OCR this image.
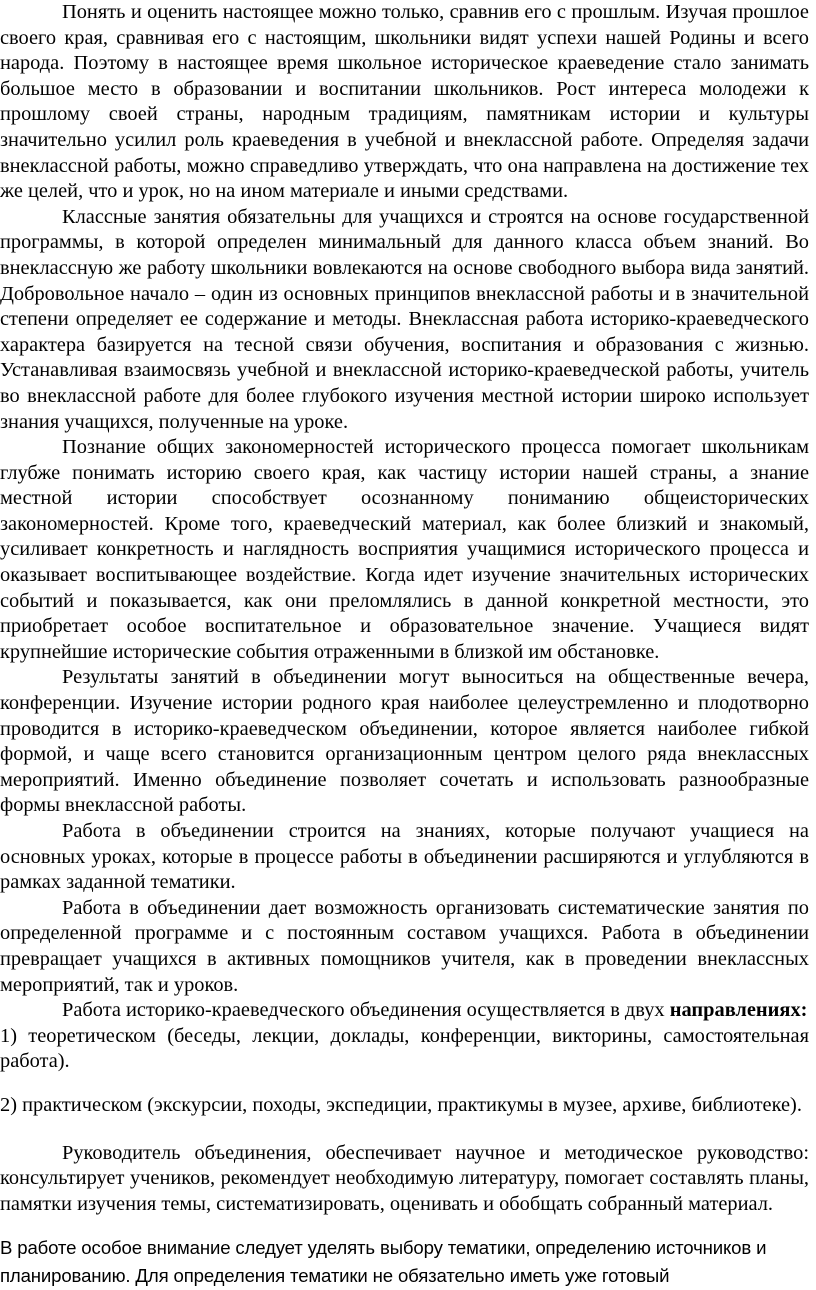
Понять и оценить настоящее можно только, сравнив его с прошлым. Изучая прошлое своего края, сравнивая его с настоящим, школьники видят успехи нашей Родины и всего народа. Поэтому в настоящее время школьное историческое краеведение стало занимать большое место в образовании и воспитании школьников. Рост интереса молодежи к прошлому своей страны, народным традициям, памятникам истории и культуры значительно усилил роль краеведения в учебной и внеклассной работе. Определяя задачи внеклассной работы, можно справедливо утверждать, что она направлена на достижение тех же целей, что и урок, но на ином материале и иными средствами.

Классные занятия обязательны для учащихся и строятся на основе государственной программы, в которой определен минимальный для данного класса объем знаний. Во внеклассную же работу школьники вовлекаются на основе свободного выбора вида занятий. Добровольное начало – один из основных принципов внеклассной работы и в значительной степени определяет ее содержание и методы. Внеклассная работа историко-краеведческого характера базируется на тесной связи обучения, воспитания и образования с жизнью. Устанавливая взаимосвязь учебной и внеклассной историко-краеведческой работы, учитель во внеклассной работе для более глубокого изучения местной истории широко использует знания учащихся, полученные на уроке.

Познание общих закономерностей исторического процесса помогает школьникам глубже понимать историю своего края, как частицу истории нашей страны, а знание местной истории способствует осознанному пониманию общеисторических закономерностей. Кроме того, краеведческий материал, как более близкий и знакомый, усиливает конкретность и наглядность восприятия учащимися исторического процесса и оказывает воспитывающее воздействие. Когда идет изучение значительных исторических событий и показывается, как они преломлялись в данной конкретной местности, это приобретает особое воспитательное и образовательное значение. Учащиеся видят крупнейшие исторические события отраженными в близкой им обстановке.

Результаты занятий в объединении могут выноситься на общественные вечера, конференции. Изучение истории родного края наиболее целеустремленно и плодотворно проводится в историко-краеведческом объединении, которое является наиболее гибкой формой, и чаще всего становится организационным центром целого ряда внеклассных мероприятий. Именно объединение позволяет сочетать и использовать разнообразные формы внеклассной работы.

Работа в объединении строится на знаниях, которые получают учащиеся на основных уроках, которые в процессе работы в объединении расширяются и углубляются в рамках заданной тематики.

Работа в объединении дает возможность организовать систематические занятия по определенной программе и с постоянным составом учащихся. Работа в объединении превращает учащихся в активных помощников учителя, как в проведении внеклассных мероприятий, так и уроков.

Работа историко-краеведческого объединения осуществляется в двух направлениях:

1) теоретическом (беседы, лекции, доклады, конференции, викторины, самостоятельная работа).

2) практическом (экскурсии, походы, экспедиции, практикумы в музее, архиве, библиотеке).

Руководитель объединения, обеспечивает научное и методическое руководство: консультирует учеников, рекомендует необходимую литературу, помогает составлять планы, памятки изучения темы, систематизировать, оценивать и обобщать собранный материал.

В работе особое внимание следует уделять выбору тематики, определению источников и планированию. Для определения тематики не обязательно иметь уже готовый
